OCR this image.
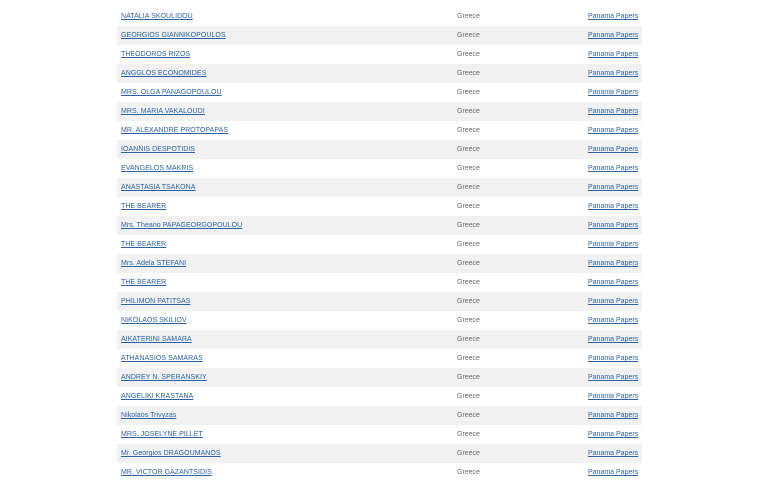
NATALIA SKOULIDOU	Greece	Panama Papers
GEORGIOS GIANNIKOPOULOS	Greece	Panama Papers
THEODOROS RIZOS	Greece	Panama Papers
ANGGLOS ECONOMIDES	Greece	Panama Papers
MRS. OLGA PANAGOPOULOU	Greece	Panama Papers
MRS. MARIA VAKALOUDI	Greece	Panama Papers
MR. ALEXANDRE PROTOPAPAS	Greece	Panama Papers
IOANNIS DESPOTIDIS	Greece	Panama Papers
EVANGELOS MAKRIS	Greece	Panama Papers
ANASTASIA TSAKONA	Greece	Panama Papers
THE BEARER	Greece	Panama Papers
Mrs. Theano PAPAGEORGOPOULOU	Greece	Panama Papers
THE BEARER	Greece	Panama Papers
Mrs. Adela STEFANI	Greece	Panama Papers
THE BEARER	Greece	Panama Papers
PHILIMON PATITSAS	Greece	Panama Papers
NIKOLAOS SKILIOV	Greece	Panama Papers
AIKATERINI SAMARA	Greece	Panama Papers
ATHANASIOS SAMARAS	Greece	Panama Papers
ANDREY N. SPERANSKIY	Greece	Panama Papers
ANGELIKI KRASTANA	Greece	Panama Papers
Nikolaos Trivyzas	Greece	Panama Papers
MRS. JOSELYNE PILLET	Greece	Panama Papers
Mr. Georgios DRAGOUMANOS	Greece	Panama Papers
MR. VICTOR GAZANTSIDIS	Greece	Panama Papers
